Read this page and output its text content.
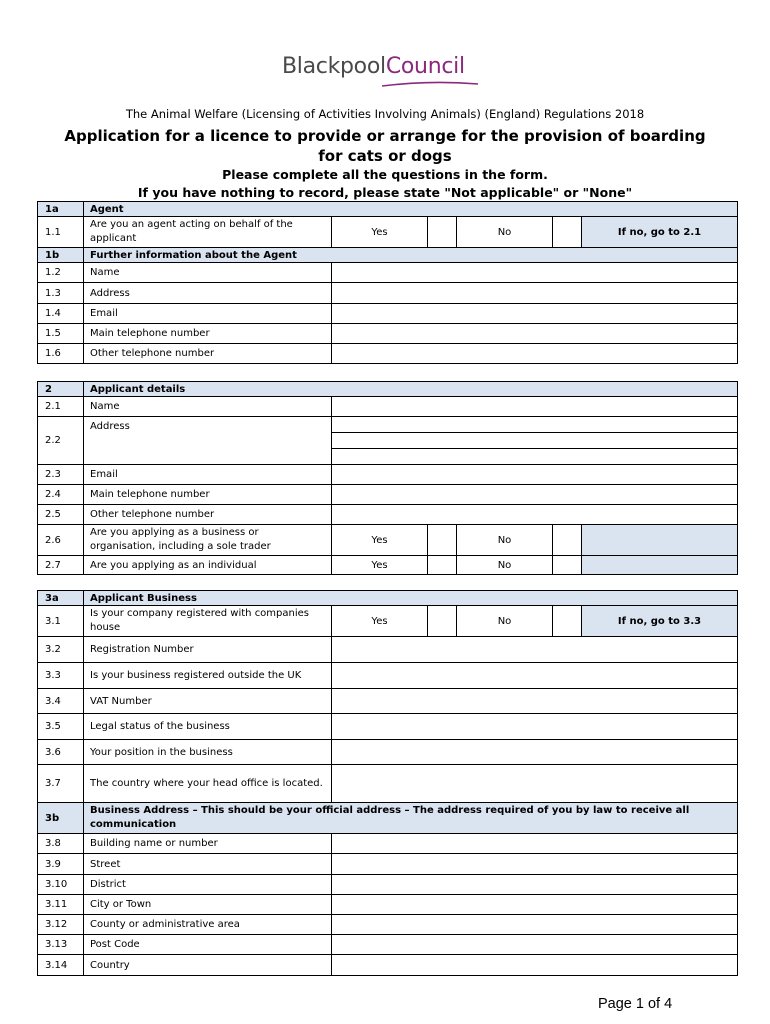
BlackpoolCouncil
The Animal Welfare (Licensing of Activities Involving Animals) (England) Regulations 2018
Application for a licence to provide or arrange for the provision of boarding
for cats or dogs
Please complete all the questions in the form.
If you have nothing to record, please state "Not applicable" or "None"
1a	Agent					
1.1	Are you an agent acting on behalf of the applicant	Yes		No		If no, go to 2.1
1b	Further information about the Agent					
1.2	Name					
1.3	Address					
1.4	Email					
1.5	Main telephone number					
1.6	Other telephone number					
2	Applicant details					
2.1	Name					
2.2	Address					

2.3	Email					
2.4	Main telephone number					
2.5	Other telephone number					
2.6	Are you applying as a business or organisation, including a sole trader	Yes		No		
2.7	Are you applying as an individual	Yes		No		
3a	Applicant Business					
3.1	Is your company registered with companies house	Yes		No		If no, go to 3.3
3.2	Registration Number					
3.3	Is your business registered outside the UK					
3.4	VAT Number					
3.5	Legal status of the business					
3.6	Your position in the business					
3.7	The country where your head office is located.					
3b	Business Address – This should be your official address – The address required of you by law to receive all communication					
3.8	Building name or number					
3.9	Street					
3.10	District					
3.11	City or Town					
3.12	County or administrative area					
3.13	Post Code					
3.14	Country					
Page 1 of 4
